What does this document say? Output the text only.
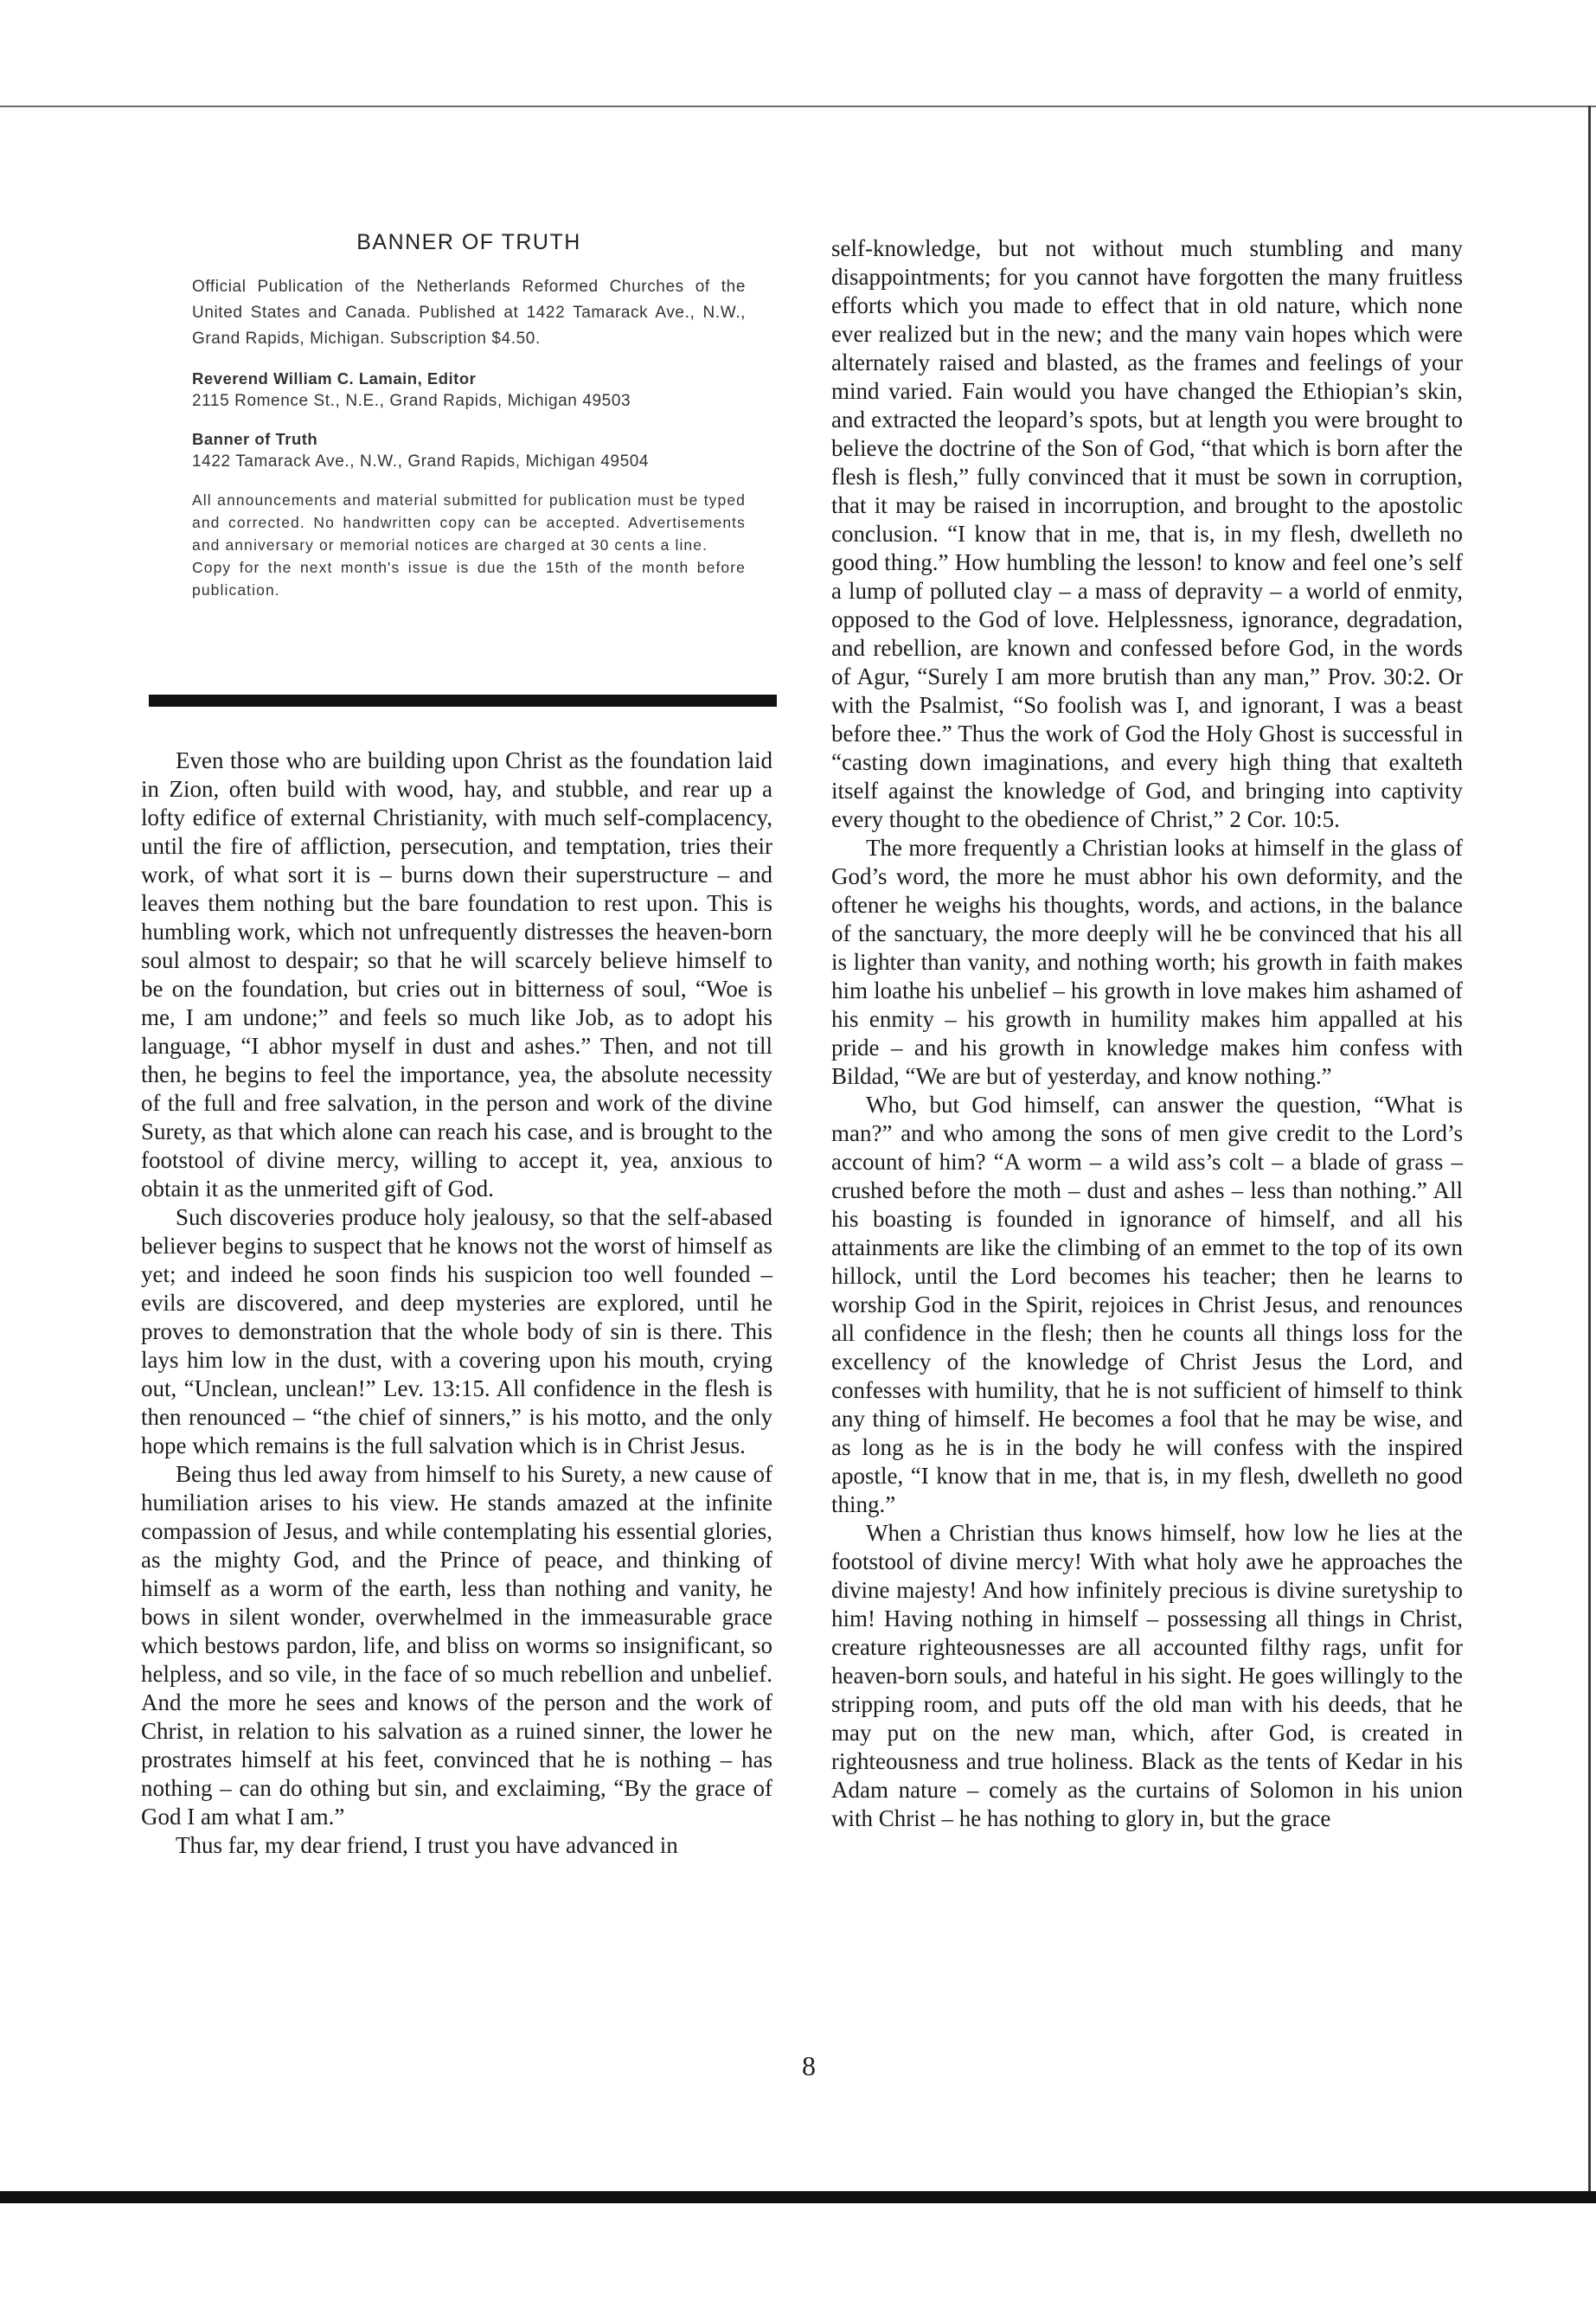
BANNER OF TRUTH

Official Publication of the Netherlands Reformed Churches of the United States and Canada. Published at 1422 Tamarack Ave., N.W., Grand Rapids, Michigan. Subscription $4.50.

Reverend William C. Lamain, Editor

2115 Romence St., N.E., Grand Rapids, Michigan 49503

Banner of Truth

1422 Tamarack Ave., N.W., Grand Rapids, Michigan 49504

All announcements and material submitted for publication must be typed and corrected. No handwritten copy can be accepted. Advertisements and anniversary or memorial notices are charged at 30 cents a line.

Copy for the next month's issue is due the 15th of the month before publication.

Even those who are building upon Christ as the foundation laid in Zion, often build with wood, hay, and stubble, and rear up a lofty edifice of external Christianity, with much self-complacency, until the fire of affliction, persecution, and temptation, tries their work, of what sort it is – burns down their superstructure – and leaves them nothing but the bare foundation to rest upon. This is humbling work, which not unfrequently distresses the heaven-born soul almost to despair; so that he will scarcely believe himself to be on the foundation, but cries out in bitterness of soul, “Woe is me, I am undone;” and feels so much like Job, as to adopt his language, “I abhor myself in dust and ashes.” Then, and not till then, he begins to feel the importance, yea, the absolute necessity of the full and free salvation, in the person and work of the divine Surety, as that which alone can reach his case, and is brought to the footstool of divine mercy, willing to accept it, yea, anxious to obtain it as the unmerited gift of God.

Such discoveries produce holy jealousy, so that the self-abased believer begins to suspect that he knows not the worst of himself as yet; and indeed he soon finds his suspicion too well founded – evils are discovered, and deep mysteries are explored, until he proves to demonstration that the whole body of sin is there. This lays him low in the dust, with a covering upon his mouth, crying out, “Unclean, unclean!” Lev. 13:15. All confidence in the flesh is then renounced – “the chief of sinners,” is his motto, and the only hope which remains is the full salvation which is in Christ Jesus.

Being thus led away from himself to his Surety, a new cause of humiliation arises to his view. He stands amazed at the infinite compassion of Jesus, and while contemplating his essential glories, as the mighty God, and the Prince of peace, and thinking of himself as a worm of the earth, less than nothing and vanity, he bows in silent wonder, overwhelmed in the immeasurable grace which bestows pardon, life, and bliss on worms so insignificant, so helpless, and so vile, in the face of so much rebellion and unbelief. And the more he sees and knows of the person and the work of Christ, in relation to his salvation as a ruined sinner, the lower he prostrates himself at his feet, convinced that he is nothing – has nothing – can do othing but sin, and exclaiming, “By the grace of God I am what I am.”

Thus far, my dear friend, I trust you have advanced in

self-knowledge, but not without much stumbling and many disappointments; for you cannot have forgotten the many fruitless efforts which you made to effect that in old nature, which none ever realized but in the new; and the many vain hopes which were alternately raised and blasted, as the frames and feelings of your mind varied. Fain would you have changed the Ethiopian’s skin, and extracted the leopard’s spots, but at length you were brought to believe the doctrine of the Son of God, “that which is born after the flesh is flesh,” fully convinced that it must be sown in corruption, that it may be raised in incorruption, and brought to the apostolic conclusion. “I know that in me, that is, in my flesh, dwelleth no good thing.” How humbling the lesson! to know and feel one’s self a lump of polluted clay – a mass of depravity – a world of enmity, opposed to the God of love. Helplessness, ignorance, degradation, and rebellion, are known and confessed before God, in the words of Agur, “Surely I am more brutish than any man,” Prov. 30:2. Or with the Psalmist, “So foolish was I, and ignorant, I was a beast before thee.” Thus the work of God the Holy Ghost is successful in “casting down imaginations, and every high thing that exalteth itself against the knowledge of God, and bringing into captivity every thought to the obedience of Christ,” 2 Cor. 10:5.

The more frequently a Christian looks at himself in the glass of God’s word, the more he must abhor his own deformity, and the oftener he weighs his thoughts, words, and actions, in the balance of the sanctuary, the more deeply will he be convinced that his all is lighter than vanity, and nothing worth; his growth in faith makes him loathe his unbelief – his growth in love makes him ashamed of his enmity – his growth in humility makes him appalled at his pride – and his growth in knowledge makes him confess with Bildad, “We are but of yesterday, and know nothing.”

Who, but God himself, can answer the question, “What is man?” and who among the sons of men give credit to the Lord’s account of him? “A worm – a wild ass’s colt – a blade of grass – crushed before the moth – dust and ashes – less than nothing.” All his boasting is founded in ignorance of himself, and all his attainments are like the climbing of an emmet to the top of its own hillock, until the Lord becomes his teacher; then he learns to worship God in the Spirit, rejoices in Christ Jesus, and renounces all confidence in the flesh; then he counts all things loss for the excellency of the knowledge of Christ Jesus the Lord, and confesses with humility, that he is not sufficient of himself to think any thing of himself. He becomes a fool that he may be wise, and as long as he is in the body he will confess with the inspired apostle, “I know that in me, that is, in my flesh, dwelleth no good thing.”

When a Christian thus knows himself, how low he lies at the footstool of divine mercy! With what holy awe he approaches the divine majesty! And how infinitely precious is divine suretyship to him! Having nothing in himself – possessing all things in Christ, creature righteousnesses are all accounted filthy rags, unfit for heaven-born souls, and hateful in his sight. He goes willingly to the stripping room, and puts off the old man with his deeds, that he may put on the new man, which, after God, is created in righteousness and true holiness. Black as the tents of Kedar in his Adam nature – comely as the curtains of Solomon in his union with Christ – he has nothing to glory in, but the grace

8
